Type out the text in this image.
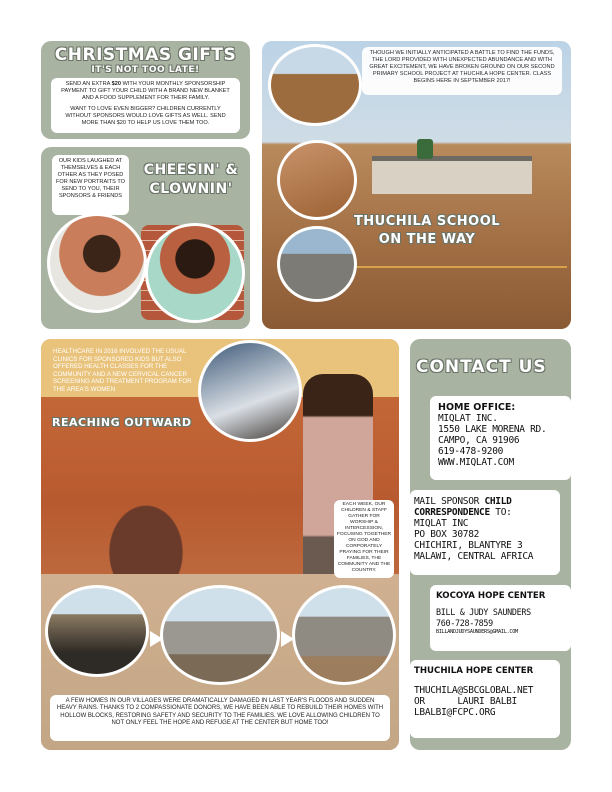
CHRISTMAS GIFTS
IT'S NOT TOO LATE!
SEND AN EXTRA $20 WITH YOUR MONTHLY SPONSORSHIP PAYMENT TO GIFT YOUR CHILD WITH A BRAND NEW BLANKET AND A FOOD SUPPLEMENT FOR THEIR FAMILY.
WANT TO LOVE EVEN BIGGER? CHILDREN CURRENTLY WITHOUT SPONSORS WOULD LOVE GIFTS AS WELL. SEND MORE THAN $20 TO HELP US LOVE THEM TOO.
OUR KIDS LAUGHED AT THEMSELVES & EACH OTHER AS THEY POSED FOR NEW PORTRAITS TO SEND TO YOU, THEIR SPONSORS & FRIENDS
CHEESIN' &
CLOWNIN'
THOUGH WE INITIALLY ANTICIPATED A BATTLE TO FIND THE FUNDS, THE LORD PROVIDED WITH UNEXPECTED ABUNDANCE AND WITH GREAT EXCITEMENT, WE HAVE BROKEN GROUND ON OUR SECOND PRIMARY SCHOOL PROJECT AT THUCHILA HOPE CENTER. CLASS BEGINS HERE IN SEPTEMBER 2017!
THUCHILA SCHOOL
ON THE WAY
HEALTHCARE IN 2016 INVOLVED THE USUAL CLINICS FOR SPONSORED KIDS BUT ALSO OFFERED HEALTH CLASSES FOR THE COMMUNITY AND A NEW CERVICAL CANCER SCREENING AND TREATMENT PROGRAM FOR THE AREA'S WOMEN
REACHING OUTWARD
EACH WEEK, OUR CHILDREN & STAFF GATHER FOR WORSHIP & INTERCESSION, FOCUSING TOGETHER ON GOD AND CORPORATELY PRAYING FOR THEIR FAMILIES, THE COMMUNITY AND THE COUNTRY.
A FEW HOMES IN OUR VILLAGES WERE DRAMATICALLY DAMAGED IN LAST YEAR'S FLOODS AND SUDDEN HEAVY RAINS. THANKS TO 2 COMPASSIONATE DONORS, WE HAVE BEEN ABLE TO REBUILD THEIR HOMES WITH HOLLOW BLOCKS, RESTORING SAFETY AND SECURITY TO THE FAMILIES. WE LOVE ALLOWING CHILDREN TO NOT ONLY FEEL THE HOPE AND REFUGE AT THE CENTER BUT HOME TOO!
CONTACT US
HOME OFFICE:
MIQLAT INC.
1550 LAKE MORENA RD.
CAMPO, CA 91906
619-478-9200
WWW.MIQLAT.COM
MAIL SPONSOR CHILD
CORRESPONDENCE TO:
MIQLAT INC
PO BOX 30782
CHICHIRI, BLANTYRE 3
MALAWI, CENTRAL AFRICA
KOCOYA HOPE CENTER
BILL & JUDY SAUNDERS
760-728-7859
BILLANDJUDYSAUNDERS@GMAIL.COM
THUCHILA HOPE CENTER
THUCHILA@SBCGLOBAL.NET
OR      LAURI BALBI
LBALBI@FCPC.ORG
